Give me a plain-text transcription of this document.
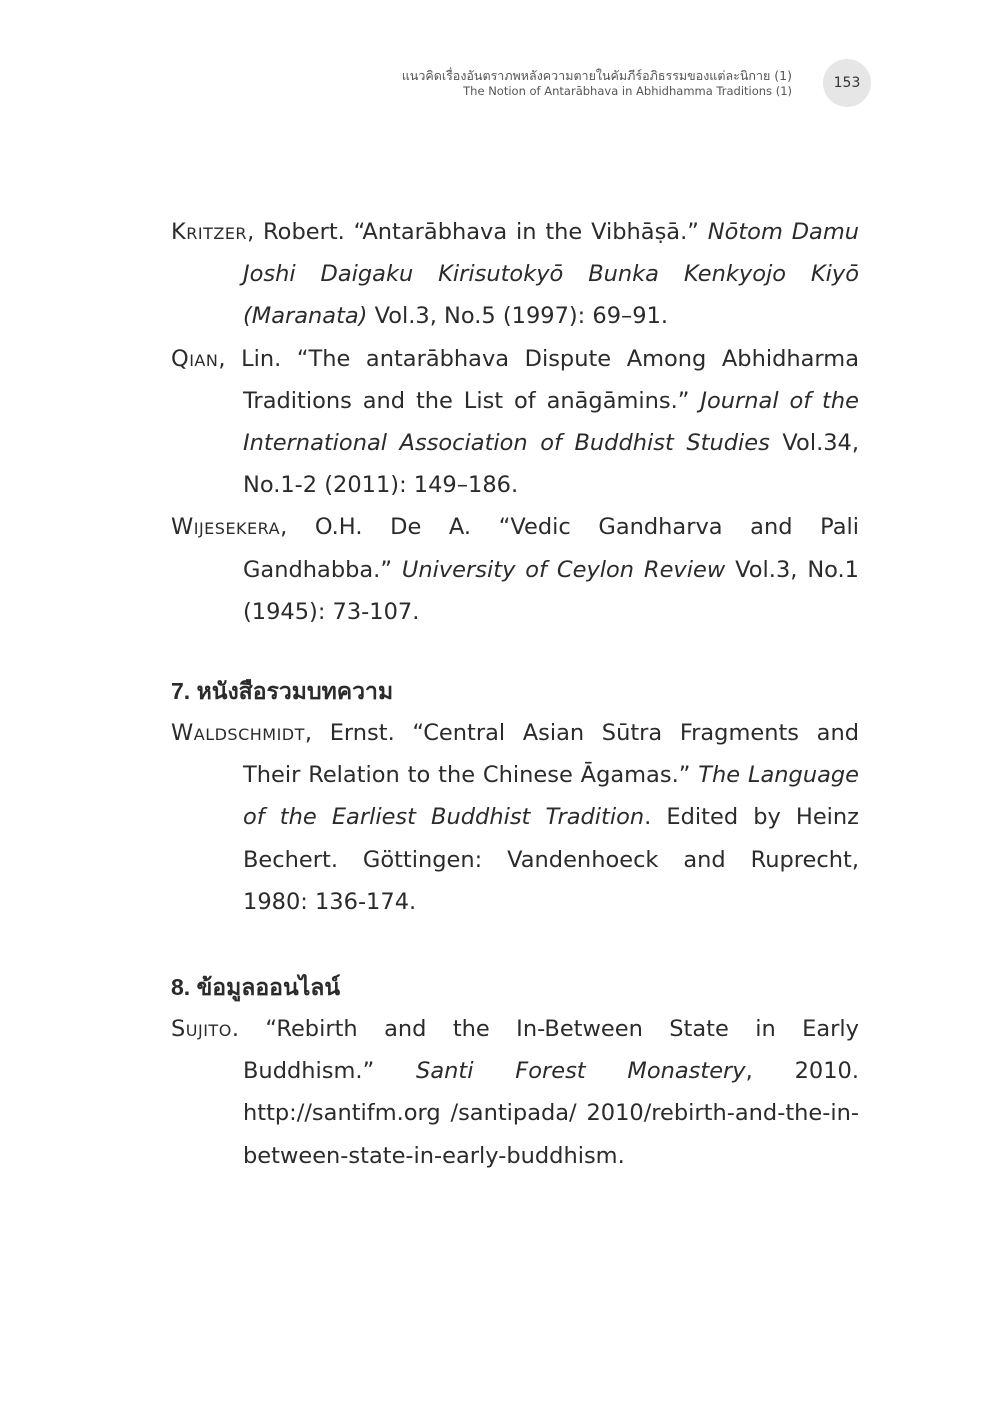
แนวคิดเรื่องอันตราภพหลังความตายในคัมภีร์อภิธรรมของแต่ละนิกาย (1)
The Notion of Antarābhava in Abhidhamma Traditions (1)	153

Kritzer, Robert. “Antarābhava in the Vibhāṣā.” Nōtom Damu Joshi Daigaku Kirisutokyō Bunka Kenkyojo Kiyō (Maranata) Vol.3, No.5 (1997): 69–91.

Qian, Lin. “The antarābhava Dispute Among Abhidharma Traditions and the List of anāgāmins.” Journal of the International Association of Buddhist Studies Vol.34, No.1-2 (2011): 149–186.

Wijesekera, O.H. De A. “Vedic Gandharva and Pali Gandhabba.” University of Ceylon Review Vol.3, No.1 (1945): 73-107.

7. หนังสือรวมบทความ

Waldschmidt, Ernst. “Central Asian Sūtra Fragments and Their Relation to the Chinese Āgamas.” The Language of the Earliest Buddhist Tradition. Edited by Heinz Bechert. Göttingen: Vandenhoeck and Ruprecht, 1980: 136-174.

8. ข้อมูลออนไลน์

Sujito. “Rebirth and the In-Between State in Early Buddhism.” Santi Forest Monastery, 2010. http://santifm.org /santipada/ 2010/rebirth-and-the-in-between-state-in-early-buddhism.
